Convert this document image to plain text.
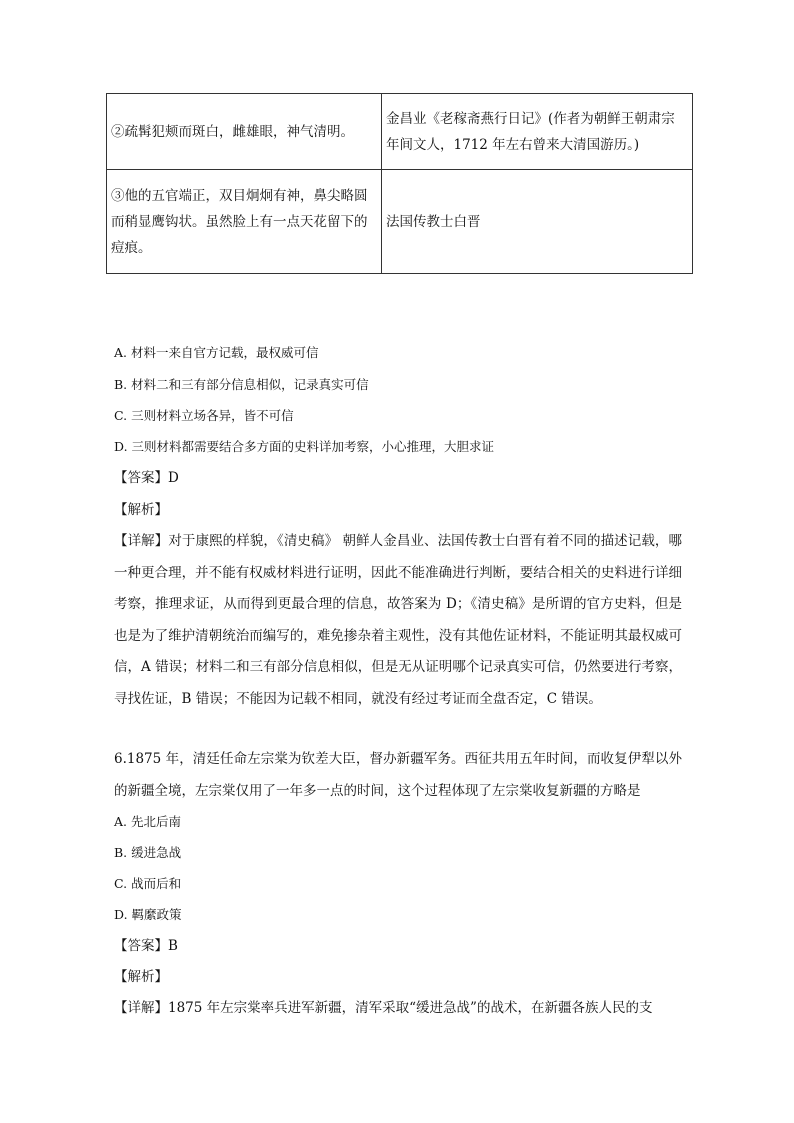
②疏髯犯颊而斑白，雌雄眼，神气清明。	金昌业《老稼斋燕行日记》(作者为朝鲜王朝肃宗年间文人，1712 年左右曾来大清国游历。)
③他的五官端正，双目炯炯有神，鼻尖略圆而稍显鹰钩状。虽然脸上有一点天花留下的痘痕。	法国传教士白晋
A. 材料一来自官方记载，最权威可信
B. 材料二和三有部分信息相似，记录真实可信
C. 三则材料立场各异，皆不可信
D. 三则材料都需要结合多方面的史料详加考察，小心推理，大胆求证
【答案】D
【解析】
【详解】对于康熙的样貌，《清史稿》 朝鲜人金昌业、法国传教士白晋有着不同的描述记载，哪一种更合理，并不能有权威材料进行证明，因此不能准确进行判断，要结合相关的史料进行详细考察，推理求证，从而得到更最合理的信息，故答案为 D；《清史稿》是所谓的官方史料，但是也是为了维护清朝统治而编写的，难免掺杂着主观性，没有其他佐证材料，不能证明其最权威可信，A 错误；材料二和三有部分信息相似，但是无从证明哪个记录真实可信，仍然要进行考察，寻找佐证，B 错误；不能因为记载不相同，就没有经过考证而全盘否定，C 错误。
6.1875 年，清廷任命左宗棠为钦差大臣，督办新疆军务。西征共用五年时间，而收复伊犁以外的新疆全境，左宗棠仅用了一年多一点的时间，这个过程体现了左宗棠收复新疆的方略是
A. 先北后南
B. 缓进急战
C. 战而后和
D. 羁縻政策
【答案】B
【解析】
【详解】1875 年左宗棠率兵进军新疆，清军采取“缓进急战”的战术，在新疆各族人民的支
